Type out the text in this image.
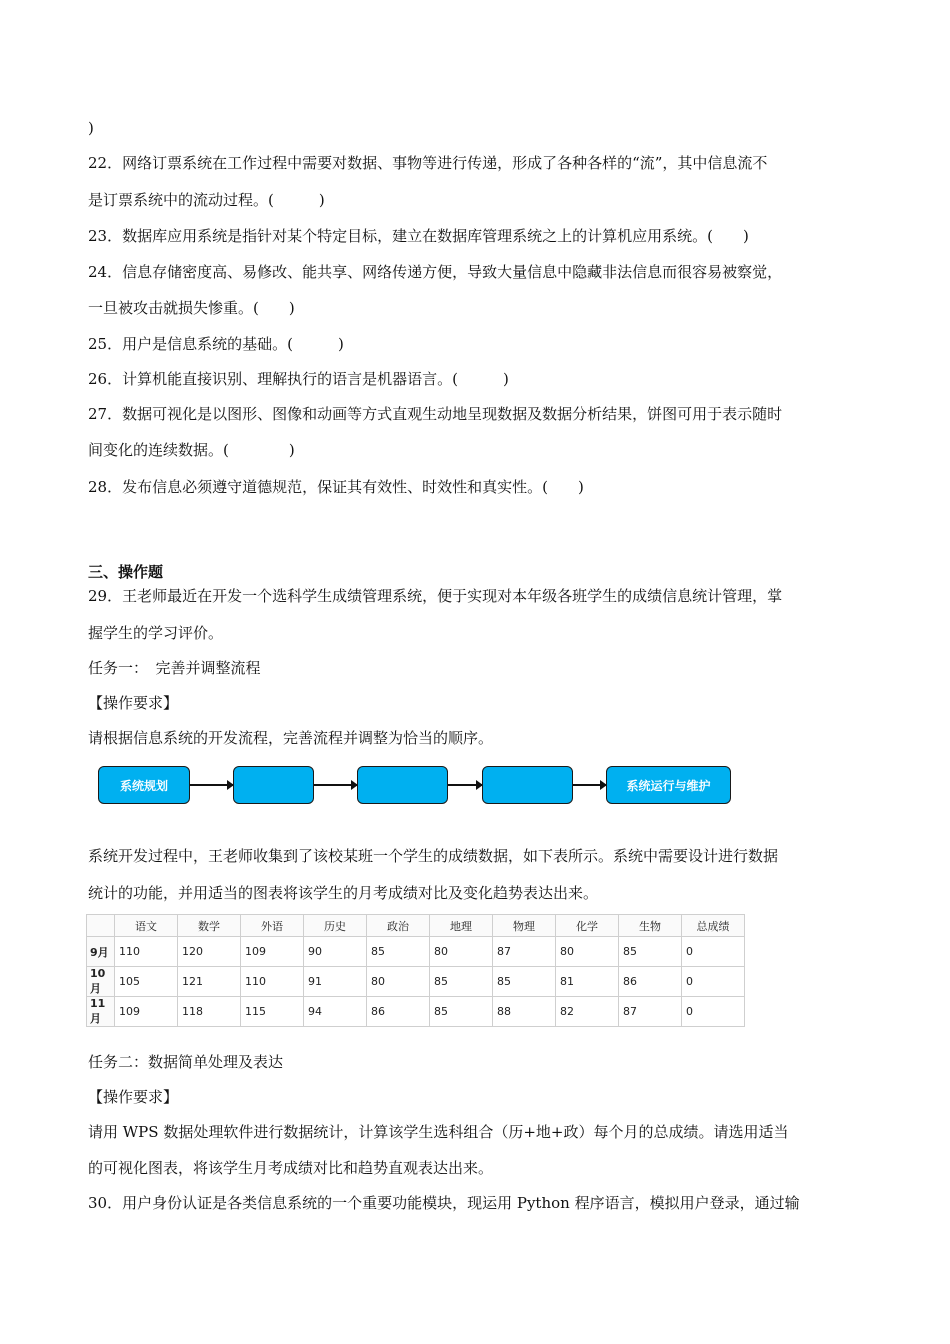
)
22．网络订票系统在工作过程中需要对数据、事物等进行传递，形成了各种各样的“流”，其中信息流不
是订票系统中的流动过程。(　　　)
23．数据库应用系统是指针对某个特定目标，建立在数据库管理系统之上的计算机应用系统。(　　)
24．信息存储密度高、易修改、能共享、网络传递方便，导致大量信息中隐藏非法信息而很容易被察觉，
一旦被攻击就损失惨重。(　　)
25．用户是信息系统的基础。(　　　)
26．计算机能直接识别、理解执行的语言是机器语言。(　　　)
27．数据可视化是以图形、图像和动画等方式直观生动地呈现数据及数据分析结果，饼图可用于表示随时
间变化的连续数据。(　　　　)
28．发布信息必须遵守道德规范，保证其有效性、时效性和真实性。(　　)
三、操作题
29．王老师最近在开发一个选科学生成绩管理系统，便于实现对本年级各班学生的成绩信息统计管理，掌
握学生的学习评价。
任务一：　完善并调整流程
【操作要求】
请根据信息系统的开发流程，完善流程并调整为恰当的顺序。
系统规划	系统运行与维护
系统开发过程中，王老师收集到了该校某班一个学生的成绩数据，如下表所示。系统中需要设计进行数据
统计的功能，并用适当的图表将该学生的月考成绩对比及变化趋势表达出来。
	语文	数学	外语	历史	政治	地理	物理	化学	生物	总成绩
9月	110	120	109	90	85	80	87	80	85	0
10月	105	121	110	91	80	85	85	81	86	0
11月	109	118	115	94	86	85	88	82	87	0
任务二：数据简单处理及表达
【操作要求】
请用 WPS 数据处理软件进行数据统计，计算该学生选科组合（历+地+政）每个月的总成绩。请选用适当
的可视化图表，将该学生月考成绩对比和趋势直观表达出来。
30．用户身份认证是各类信息系统的一个重要功能模块，现运用 Python 程序语言，模拟用户登录，通过输
